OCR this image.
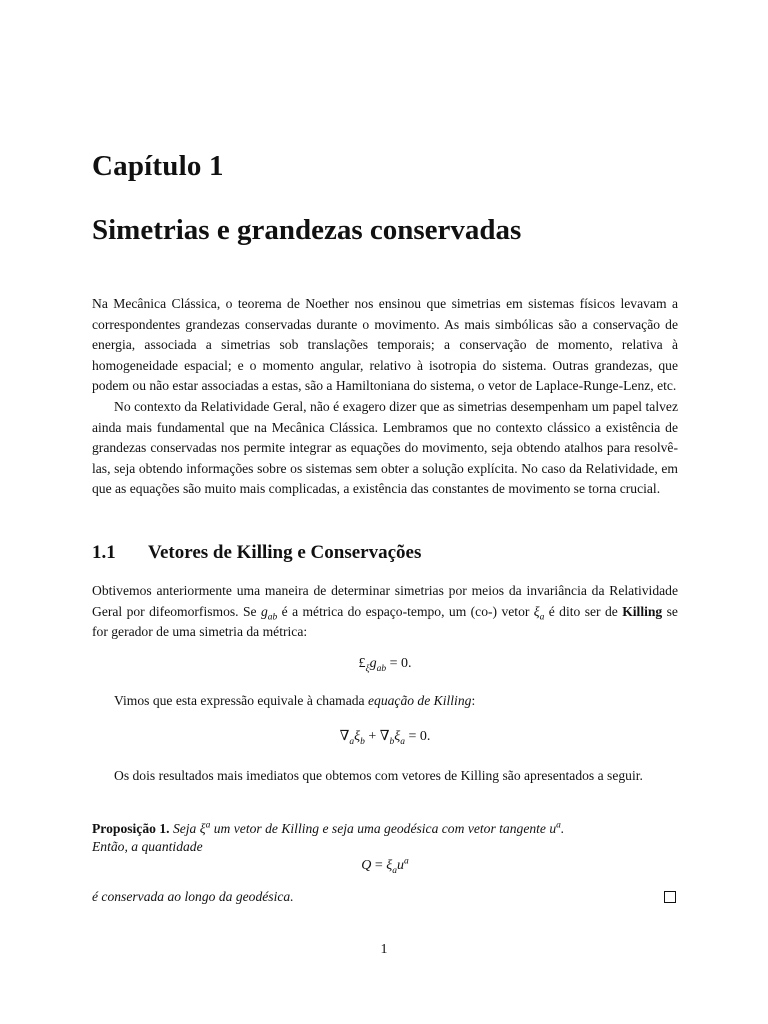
Capítulo 1
Simetrias e grandezas conservadas
Na Mecânica Clássica, o teorema de Noether nos ensinou que simetrias em sistemas físicos levavam a correspondentes grandezas conservadas durante o movimento. As mais simbólicas são a conservação de energia, associada a simetrias sob translações temporais; a conservação de momento, relativa à homogeneidade espacial; e o momento angular, relativo à isotropia do sistema. Outras grandezas, que podem ou não estar associadas a estas, são a Hamiltoniana do sistema, o vetor de Laplace-Runge-Lenz, etc.
No contexto da Relatividade Geral, não é exagero dizer que as simetrias desempenham um papel talvez ainda mais fundamental que na Mecânica Clássica. Lembramos que no contexto clássico a existência de grandezas conservadas nos permite integrar as equações do movimento, seja obtendo atalhos para resolvê-las, seja obtendo informações sobre os sistemas sem obter a solução explícita. No caso da Relatividade, em que as equações são muito mais complicadas, a existência das constantes de movimento se torna crucial.
1.1 Vetores de Killing e Conservações
Obtivemos anteriormente uma maneira de determinar simetrias por meios da invariância da Relatividade Geral por difeomorfismos. Se $g_{ab}$ é a métrica do espaço-tempo, um (co-) vetor $\xi_a$ é dito ser de Killing se for gerador de uma simetria da métrica:
$£_\xi g_{ab} = 0$.
Vimos que esta expressão equivale à chamada equação de Killing:
$\nabla_a\xi_b + \nabla_b\xi_a = 0$.
Os dois resultados mais imediatos que obtemos com vetores de Killing são apresentados a seguir.
Proposição 1. Seja $\xi^a$ um vetor de Killing e seja uma geodésica com vetor tangente $u^a$.
Então, a quantidade
$Q = \xi_au^a$
é conservada ao longo da geodésica.
1
